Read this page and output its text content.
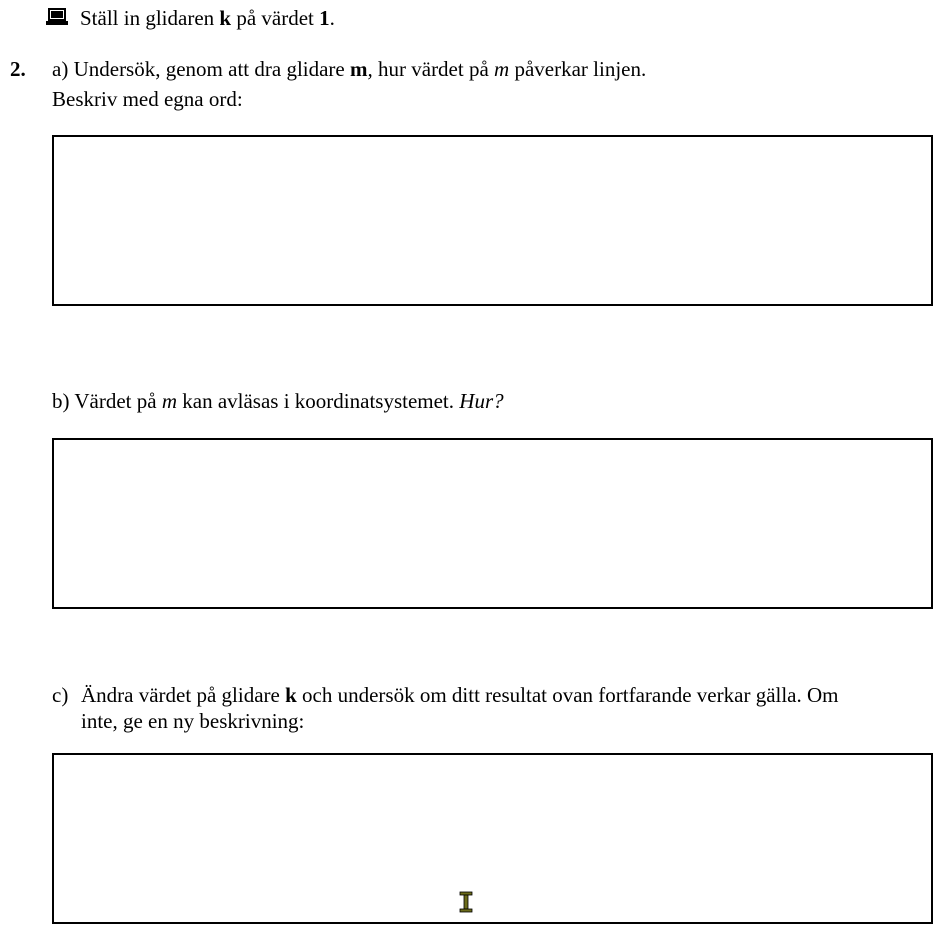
Ställ in glidaren k på värdet 1.
2. a) Undersök, genom att dra glidare m, hur värdet på m påverkar linjen.
Beskriv med egna ord:
b) Värdet på m kan avläsas i koordinatsystemet. Hur?
c) Ändra värdet på glidare k och undersök om ditt resultat ovan fortfarande verkar gälla. Om
inte, ge en ny beskrivning:
